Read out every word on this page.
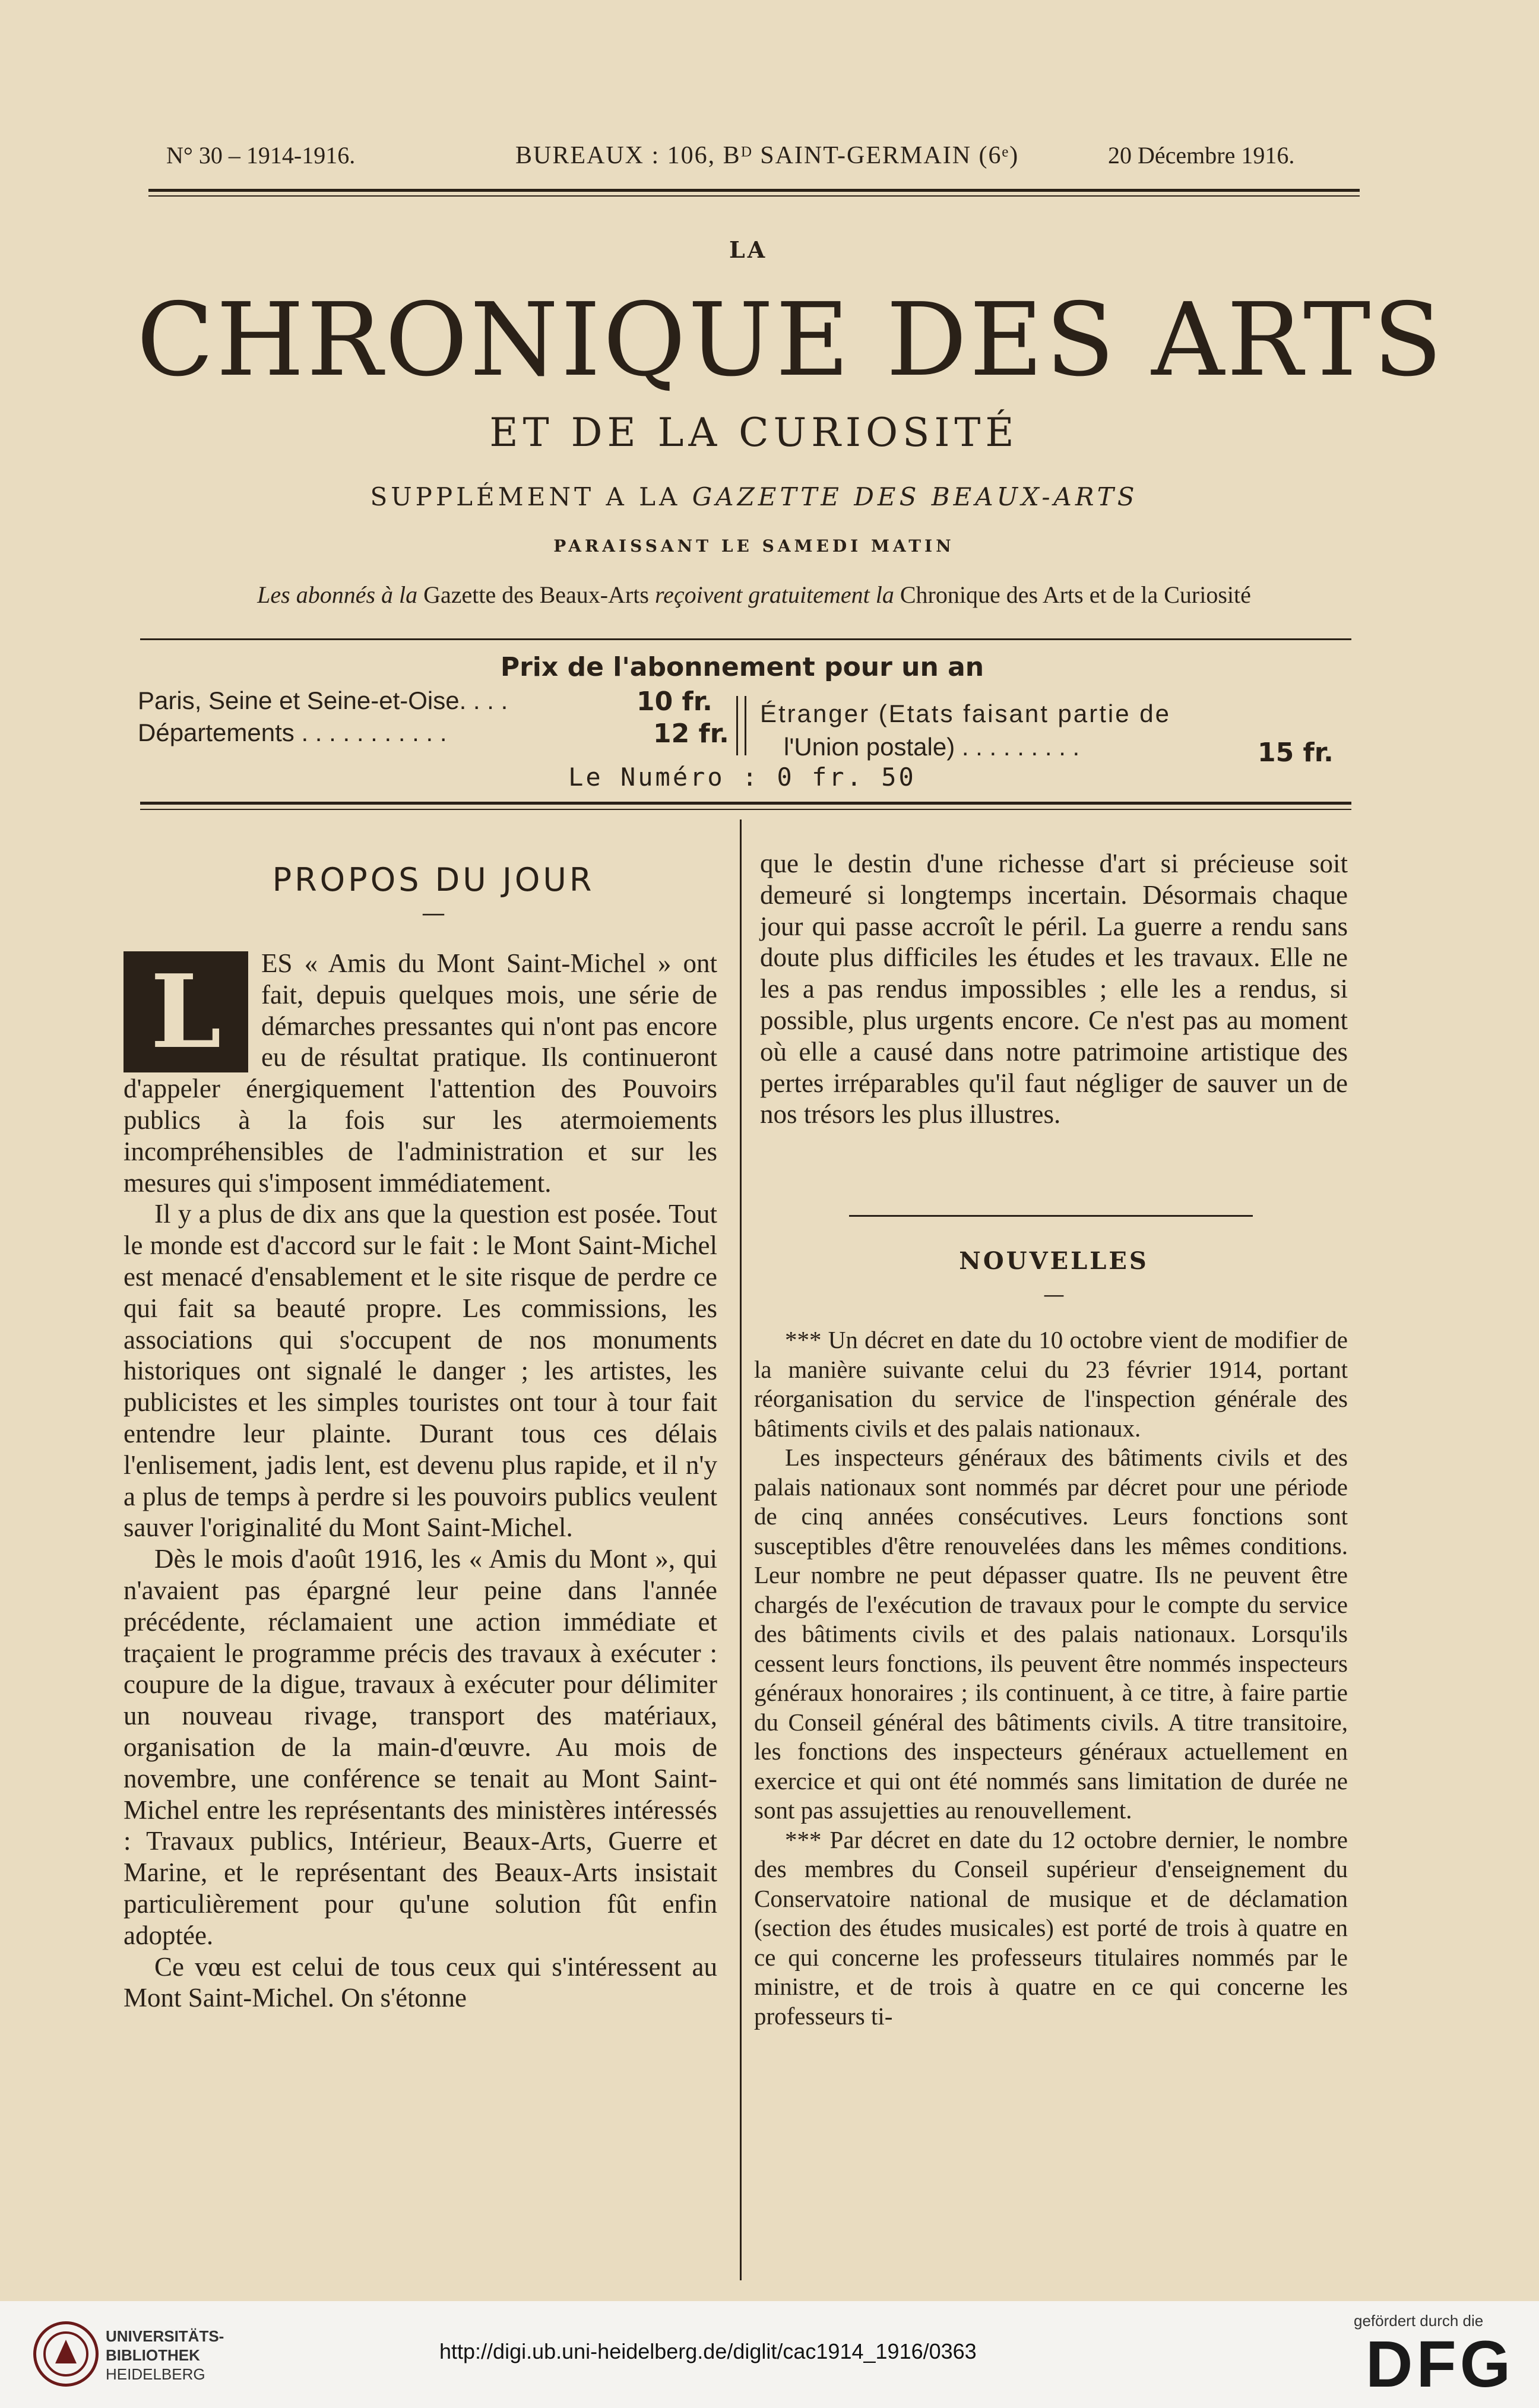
N° 30 – 1914-1916.	BUREAUX : 106, Bᴰ SAINT-GERMAIN (6ᵉ)	20 Décembre 1916.
LA
CHRONIQUE DES ARTS
ET DE LA CURIOSITÉ
SUPPLÉMENT A LA GAZETTE DES BEAUX-ARTS
PARAISSANT LE SAMEDI MATIN
Les abonnés à la Gazette des Beaux-Arts reçoivent gratuitement la Chronique des Arts et de la Curiosité
Prix de l'abonnement pour un an
Paris, Seine et Seine-et-Oise. . . .	10 fr.
Départements . . . . . . . . . . .	12 fr.
Étranger (Etats faisant partie de
l'Union postale) . . . . . . . . .	15 fr.
Le Numéro : 0 fr. 50
PROPOS DU JOUR
—
L	ES « Amis du Mont Saint-Michel » ont fait, depuis quelques mois, une série de démarches pressantes qui n'ont pas encore eu de résultat pratique. Ils continueront d'appeler énergiquement l'attention des Pouvoirs publics à la fois sur les atermoiements incompréhensibles de l'administration et sur les mesures qui s'imposent immédiatement.

Il y a plus de dix ans que la question est posée. Tout le monde est d'accord sur le fait : le Mont Saint-Michel est menacé d'ensablement et le site risque de perdre ce qui fait sa beauté propre. Les commissions, les associations qui s'occupent de nos monuments historiques ont signalé le danger ; les artistes, les publicistes et les simples touristes ont tour à tour fait entendre leur plainte. Durant tous ces délais l'enlisement, jadis lent, est devenu plus rapide, et il n'y a plus de temps à perdre si les pouvoirs publics veulent sauver l'originalité du Mont Saint-Michel.

Dès le mois d'août 1916, les « Amis du Mont », qui n'avaient pas épargné leur peine dans l'année précédente, réclamaient une action immédiate et traçaient le programme précis des travaux à exécuter : coupure de la digue, travaux à exécuter pour délimiter un nouveau rivage, transport des matériaux, organisation de la main-d'œuvre. Au mois de novembre, une conférence se tenait au Mont Saint-Michel entre les représentants des ministères intéressés : Travaux publics, Intérieur, Beaux-Arts, Guerre et Marine, et le représentant des Beaux-Arts insistait particulièrement pour qu'une solution fût enfin adoptée.

Ce vœu est celui de tous ceux qui s'intéressent au Mont Saint-Michel. On s'étonne

que le destin d'une richesse d'art si précieuse soit demeuré si longtemps incertain. Désormais chaque jour qui passe accroît le péril. La guerre a rendu sans doute plus difficiles les études et les travaux. Elle ne les a pas rendus impossibles ; elle les a rendus, si possible, plus urgents encore. Ce n'est pas au moment où elle a causé dans notre patrimoine artistique des pertes irréparables qu'il faut négliger de sauver un de nos trésors les plus illustres.

NOUVELLES
—

*** Un décret en date du 10 octobre vient de modifier de la manière suivante celui du 23 février 1914, portant réorganisation du service de l'inspection générale des bâtiments civils et des palais nationaux.

Les inspecteurs généraux des bâtiments civils et des palais nationaux sont nommés par décret pour une période de cinq années consécutives. Leurs fonctions sont susceptibles d'être renouvelées dans les mêmes conditions. Leur nombre ne peut dépasser quatre. Ils ne peuvent être chargés de l'exécution de travaux pour le compte du service des bâtiments civils et des palais nationaux. Lorsqu'ils cessent leurs fonctions, ils peuvent être nommés inspecteurs généraux honoraires ; ils continuent, à ce titre, à faire partie du Conseil général des bâtiments civils. A titre transitoire, les fonctions des inspecteurs généraux actuellement en exercice et qui ont été nommés sans limitation de durée ne sont pas assujetties au renouvellement.

*** Par décret en date du 12 octobre dernier, le nombre des membres du Conseil supérieur d'enseignement du Conservatoire national de musique et de déclamation (section des études musicales) est porté de trois à quatre en ce qui concerne les professeurs titulaires nommés par le ministre, et de trois à quatre en ce qui concerne les professeurs ti-

UNIVERSITÄTS-
BIBLIOTHEK
HEIDELBERG
http://digi.ub.uni-heidelberg.de/diglit/cac1914_1916/0363
gefördert durch die
DFG
